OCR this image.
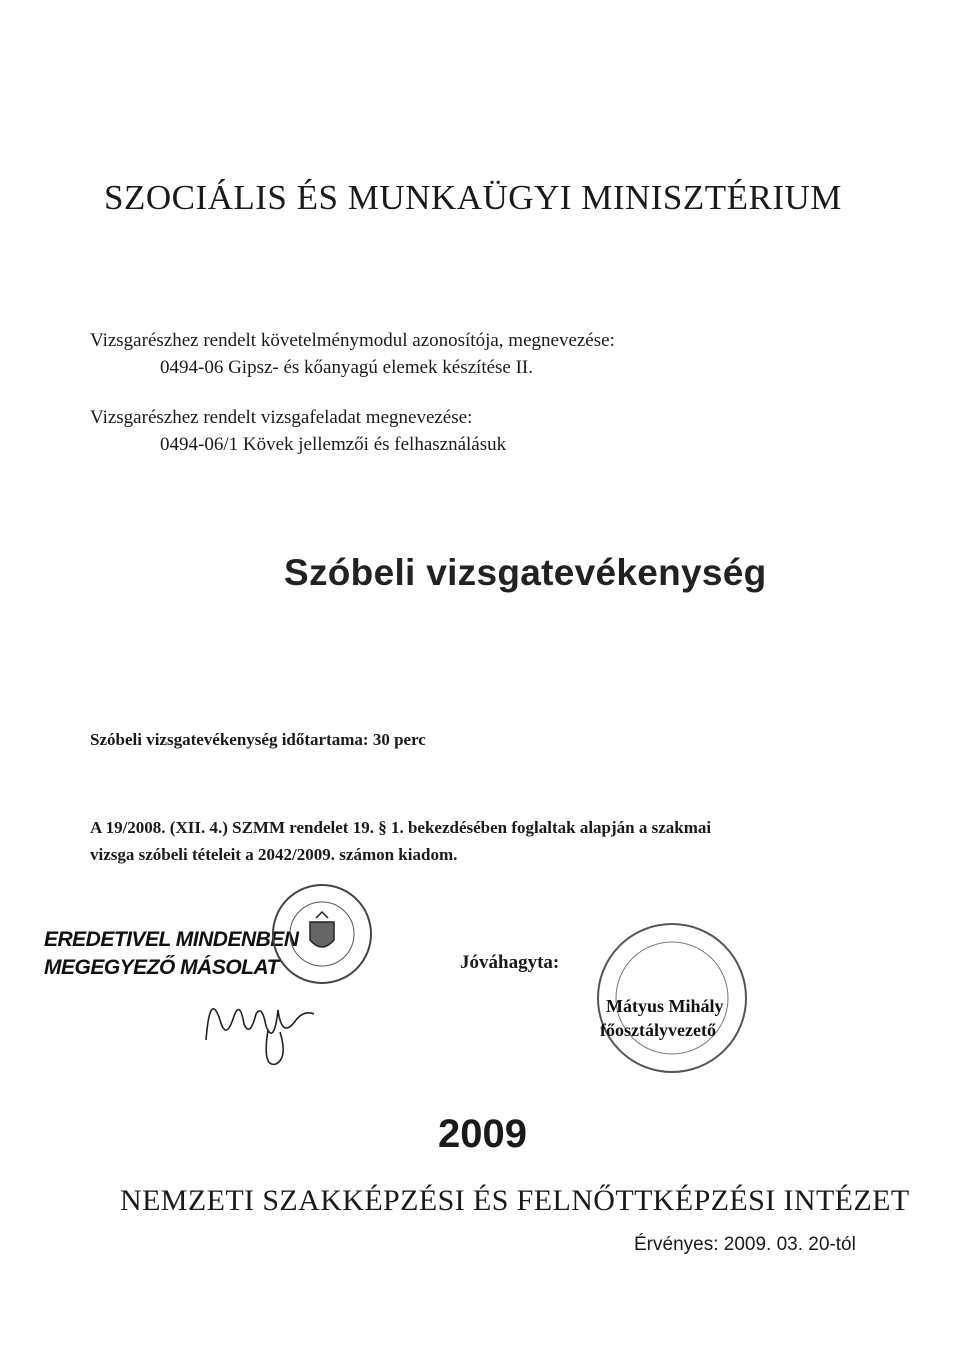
SZOCIÁLIS ÉS MUNKAÜGYI MINISZTÉRIUM
Vizsgarészhez rendelt követelménymodul azonosítója, megnevezése:
0494-06 Gipsz- és kőanyagú elemek készítése II.
Vizsgarészhez rendelt vizsgafeladat megnevezése:
0494-06/1 Kövek jellemzői és felhasználásuk
Szóbeli vizsgatevékenység
Szóbeli vizsgatevékenység időtartama: 30 perc
A 19/2008. (XII. 4.) SZMM rendelet 19. § 1. bekezdésében foglaltak alapján a szakmai
vizsga szóbeli tételeit a 2042/2009. számon kiadom.
EREDETIVEL MINDENBEN
MEGEGYEZŐ MÁSOLAT	Jóváhagyta:
Mátyus Mihály
főosztályvezető
2009
NEMZETI SZAKKÉPZÉSI ÉS FELNŐTTKÉPZÉSI INTÉZET
Érvényes: 2009. 03. 20-tól
